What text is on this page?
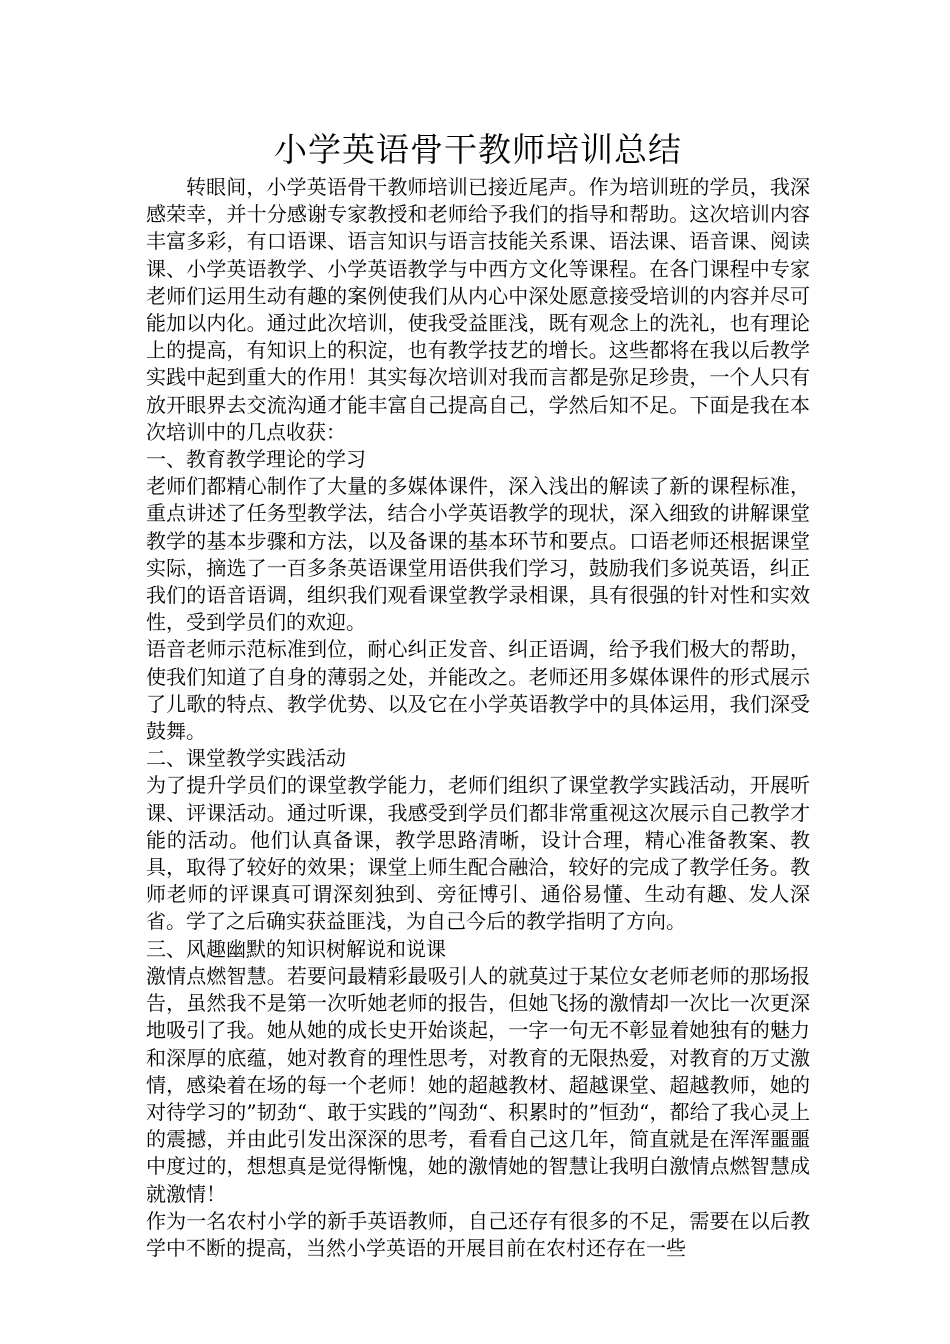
小学英语骨干教师培训总结

转眼间，小学英语骨干教师培训已接近尾声。作为培训班的学员，我深感荣幸，并十分感谢专家教授和老师给予我们的指导和帮助。这次培训内容丰富多彩，有口语课、语言知识与语言技能关系课、语法课、语音课、阅读课、小学英语教学、小学英语教学与中西方文化等课程。在各门课程中专家老师们运用生动有趣的案例使我们从内心中深处愿意接受培训的内容并尽可能加以内化。通过此次培训，使我受益匪浅，既有观念上的洗礼，也有理论上的提高，有知识上的积淀，也有教学技艺的增长。这些都将在我以后教学实践中起到重大的作用！其实每次培训对我而言都是弥足珍贵，一个人只有放开眼界去交流沟通才能丰富自己提高自己，学然后知不足。下面是我在本次培训中的几点收获：

一、教育教学理论的学习

老师们都精心制作了大量的多媒体课件，深入浅出的解读了新的课程标准，重点讲述了任务型教学法，结合小学英语教学的现状，深入细致的讲解课堂教学的基本步骤和方法，以及备课的基本环节和要点。口语老师还根据课堂实际，摘选了一百多条英语课堂用语供我们学习，鼓励我们多说英语，纠正我们的语音语调，组织我们观看课堂教学录相课，具有很强的针对性和实效性，受到学员们的欢迎。

语音老师示范标准到位，耐心纠正发音、纠正语调，给予我们极大的帮助，使我们知道了自身的薄弱之处，并能改之。老师还用多媒体课件的形式展示了儿歌的特点、教学优势、以及它在小学英语教学中的具体运用，我们深受鼓舞。

二、课堂教学实践活动

为了提升学员们的课堂教学能力，老师们组织了课堂教学实践活动，开展听课、评课活动。通过听课，我感受到学员们都非常重视这次展示自己教学才能的活动。他们认真备课，教学思路清晰，设计合理，精心准备教案、教具，取得了较好的效果；课堂上师生配合融洽，较好的完成了教学任务。教师老师的评课真可谓深刻独到、旁征博引、通俗易懂、生动有趣、发人深省。学了之后确实获益匪浅，为自己今后的教学指明了方向。

三、风趣幽默的知识树解说和说课

激情点燃智慧。若要问最精彩最吸引人的就莫过于某位女老师老师的那场报告，虽然我不是第一次听她老师的报告，但她飞扬的激情却一次比一次更深地吸引了我。她从她的成长史开始谈起，一字一句无不彰显着她独有的魅力和深厚的底蕴，她对教育的理性思考，对教育的无限热爱，对教育的万丈激情，感染着在场的每一个老师！她的超越教材、超越课堂、超越教师，她的对待学习的”韧劲“、敢于实践的”闯劲“、积累时的”恒劲“，都给了我心灵上的震撼，并由此引发出深深的思考，看看自己这几年，简直就是在浑浑噩噩中度过的，想想真是觉得惭愧，她的激情她的智慧让我明白激情点燃智慧成就激情！

作为一名农村小学的新手英语教师，自己还存有很多的不足，需要在以后教学中不断的提高，当然小学英语的开展目前在农村还存在一些
